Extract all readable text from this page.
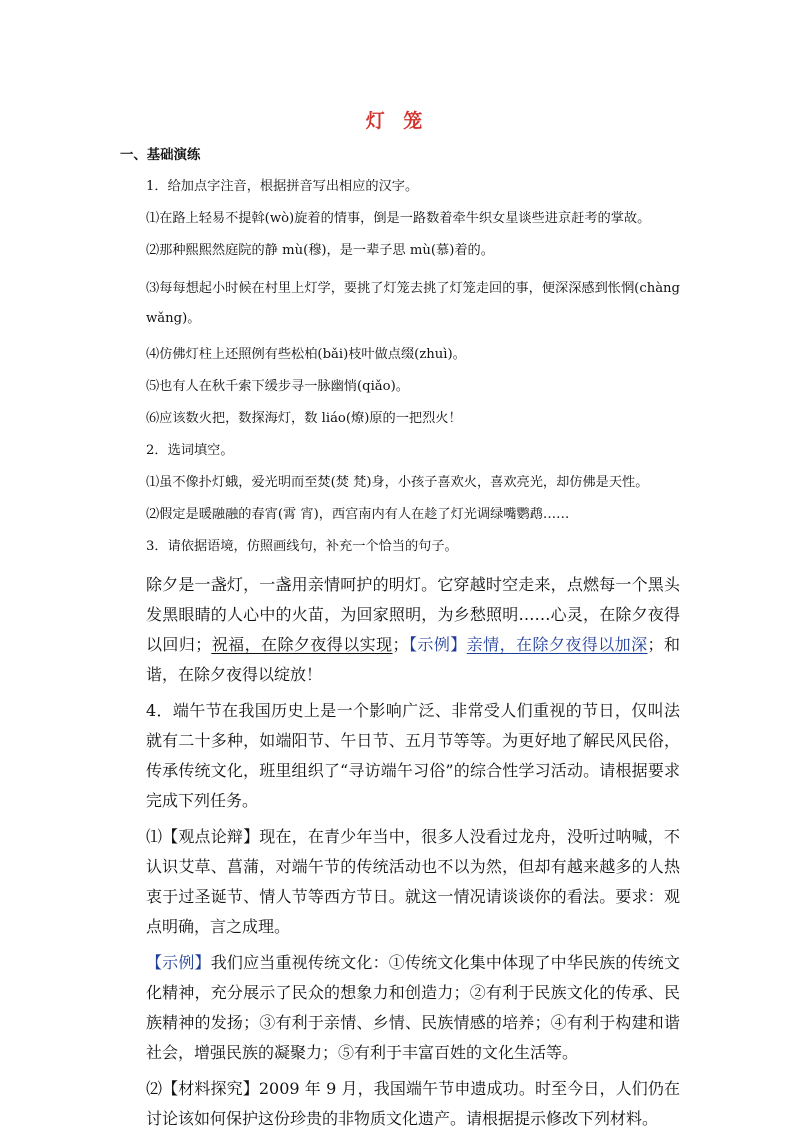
灯 笼
一、基础演练
1．给加点字注音，根据拼音写出相应的汉字。
⑴在路上轻易不提斡(wò)旋着的情事，倒是一路数着牵牛织女星谈些进京赶考的掌故。
⑵那种熙熙然庭院的静 mù(穆)，是一辈子思 mù(慕)着的。
⑶每每想起小时候在村里上灯学，要挑了灯笼去挑了灯笼走回的事，便深深感到怅惘(chàng wǎng)。
⑷仿佛灯柱上还照例有些松柏(bǎi)枝叶做点缀(zhuì)。
⑸也有人在秋千索下缓步寻一脉幽悄(qiǎo)。
⑹应该数火把，数探海灯，数 liáo(燎)原的一把烈火！
2．选词填空。
⑴虽不像扑灯蛾，爱光明而至焚(焚 梵)身，小孩子喜欢火，喜欢亮光，却仿佛是天性。
⑵假定是暖融融的春宵(霄 宵)，西宫南内有人在趁了灯光调绿嘴鹦鹉……
3．请依据语境，仿照画线句，补充一个恰当的句子。
除夕是一盏灯，一盏用亲情呵护的明灯。它穿越时空走来，点燃每一个黑头发黑眼睛的人心中的火苗，为回家照明，为乡愁照明……心灵，在除夕夜得以回归；祝福，在除夕夜得以实现；【示例】亲情，在除夕夜得以加深；和谐，在除夕夜得以绽放！
4．端午节在我国历史上是一个影响广泛、非常受人们重视的节日，仅叫法就有二十多种，如端阳节、午日节、五月节等等。为更好地了解民风民俗，传承传统文化，班里组织了“寻访端午习俗”的综合性学习活动。请根据要求完成下列任务。
⑴【观点论辩】现在，在青少年当中，很多人没看过龙舟，没听过呐喊，不认识艾草、菖蒲，对端午节的传统活动也不以为然，但却有越来越多的人热衷于过圣诞节、情人节等西方节日。就这一情况请谈谈你的看法。要求：观点明确，言之成理。
【示例】我们应当重视传统文化：①传统文化集中体现了中华民族的传统文化精神，充分展示了民众的想象力和创造力；②有利于民族文化的传承、民族精神的发扬；③有利于亲情、乡情、民族情感的培养；④有利于构建和谐社会，增强民族的凝聚力；⑤有利于丰富百姓的文化生活等。
⑵【材料探究】2009 年 9 月，我国端午节申遗成功。时至今日，人们仍在讨论该如何保护这份珍贵的非物质文化遗产。请根据提示修改下列材料。
